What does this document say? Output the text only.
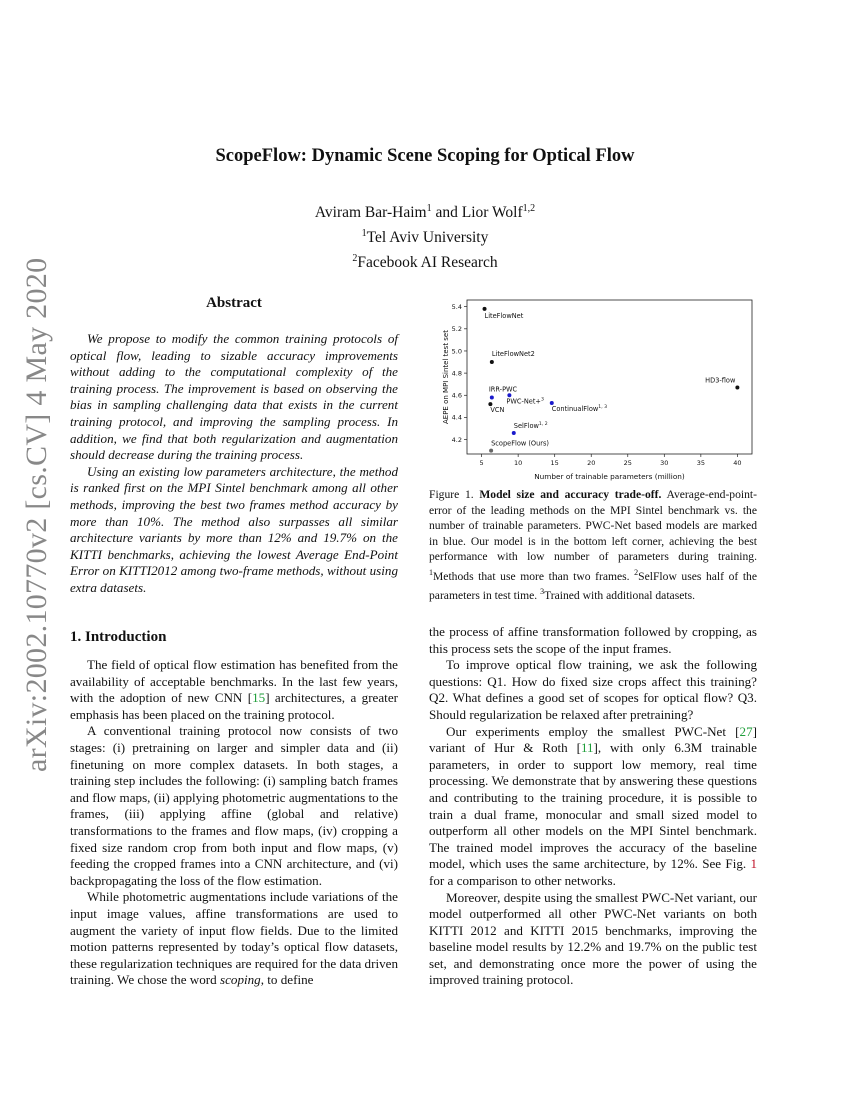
arXiv:2002.10770v2 [cs.CV] 4 May 2020
ScopeFlow: Dynamic Scene Scoping for Optical Flow
Aviram Bar-Haim$^1$ and Lior Wolf$^{1,2}$
$^1$Tel Aviv University
$^2$Facebook AI Research
Abstract

We propose to modify the common training protocols of optical flow, leading to sizable accuracy improvements without adding to the computational complexity of the training process. The improvement is based on observing the bias in sampling challenging data that exists in the current training protocol, and improving the sampling process. In addition, we find that both regularization and augmentation should decrease during the training process.

Using an existing low parameters architecture, the method is ranked first on the MPI Sintel benchmark among all other methods, improving the best two frames method accuracy by more than 10%. The method also surpasses all similar architecture variants by more than 12% and 19.7% on the KITTI benchmarks, achieving the lowest Average End-Point Error on KITTI2012 among two-frame methods, without using extra datasets.

5	10	15	20	25	30	35	40
4.2
4.4
4.6
4.8
5.0
5.2
5.4
LiteFlowNet
LiteFlowNet2
IRR-PWC
VCN
PWC-Net+$^3$
ContinualFlow$^{1, 3}$
HD3-flow
SelFlow$^{1, 2}$
ScopeFlow (Ours)
Number of trainable parameters (million)
AEPE on MPI Sintel test set
Figure 1. Model size and accuracy trade-off. Average-end-point-error of the leading methods on the MPI Sintel benchmark vs. the number of trainable parameters. PWC-Net based models are marked in blue. Our model is in the bottom left corner, achieving the best performance with low number of parameters during training. $^1$Methods that use more than two frames. $^2$SelFlow uses half of the parameters in test time. $^3$Trained with additional datasets.
1. Introduction

The field of optical flow estimation has benefited from the availability of acceptable benchmarks. In the last few years, with the adoption of new CNN [15] architectures, a greater emphasis has been placed on the training protocol.

A conventional training protocol now consists of two stages: (i) pretraining on larger and simpler data and (ii) finetuning on more complex datasets. In both stages, a training step includes the following: (i) sampling batch frames and flow maps, (ii) applying photometric augmentations to the frames, (iii) applying affine (global and relative) transformations to the frames and flow maps, (iv) cropping a fixed size random crop from both input and flow maps, (v) feeding the cropped frames into a CNN architecture, and (vi) backpropagating the loss of the flow estimation.

While photometric augmentations include variations of the input image values, affine transformations are used to augment the variety of input flow fields. Due to the limited motion patterns represented by today’s optical flow datasets, these regularization techniques are required for the data driven training. We chose the word scoping, to define

the process of affine transformation followed by cropping, as this process sets the scope of the input frames.

To improve optical flow training, we ask the following questions: Q1. How do fixed size crops affect this training? Q2. What defines a good set of scopes for optical flow? Q3. Should regularization be relaxed after pretraining?

Our experiments employ the smallest PWC-Net [27] variant of Hur & Roth [11], with only 6.3M trainable parameters, in order to support low memory, real time processing. We demonstrate that by answering these questions and contributing to the training procedure, it is possible to train a dual frame, monocular and small sized model to outperform all other models on the MPI Sintel benchmark. The trained model improves the accuracy of the baseline model, which uses the same architecture, by 12%. See Fig. 1 for a comparison to other networks.

Moreover, despite using the smallest PWC-Net variant, our model outperformed all other PWC-Net variants on both KITTI 2012 and KITTI 2015 benchmarks, improving the baseline model results by 12.2% and 19.7% on the public test set, and demonstrating once more the power of using the improved training protocol.
